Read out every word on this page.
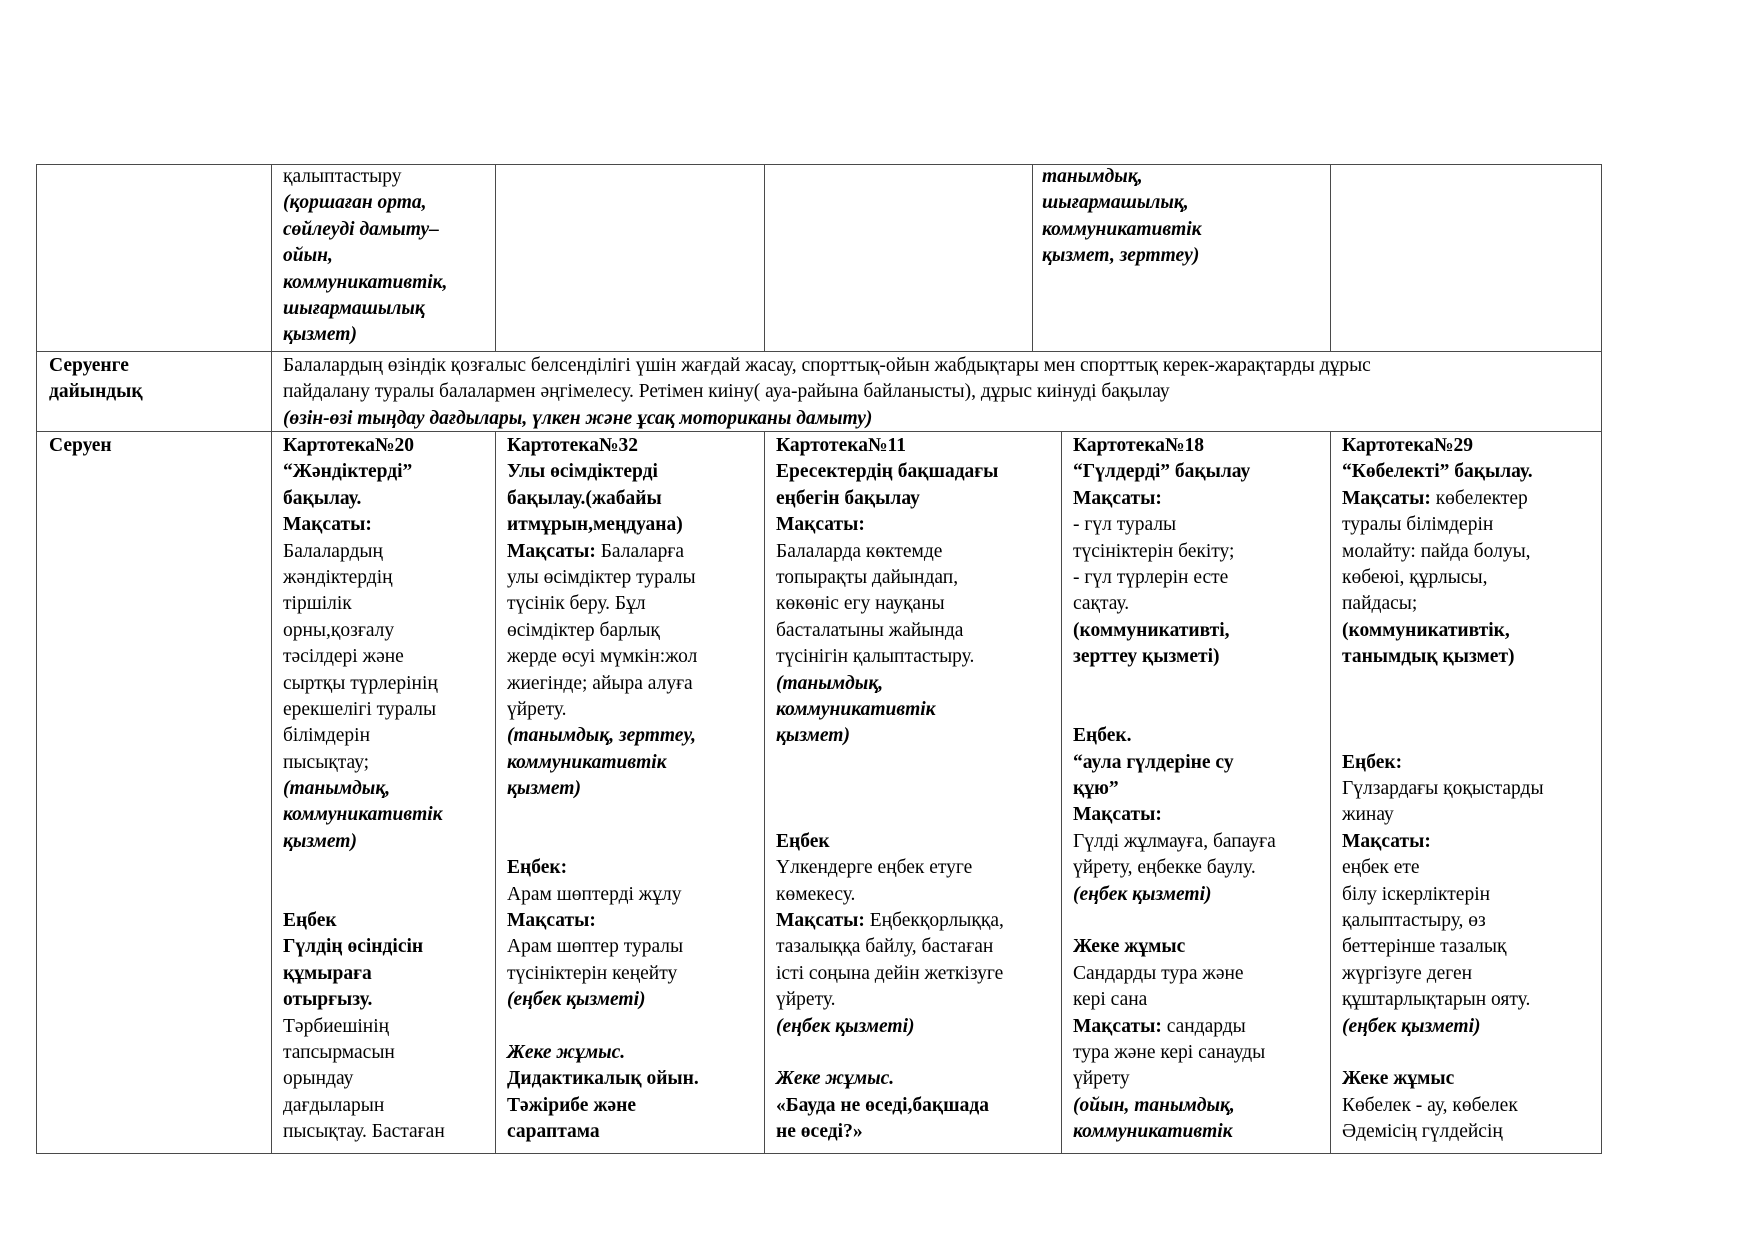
қалыптастыру
(қоршаған орта,
сөйлеуді дамыту–
ойын,
коммуникативтік,
шығармашылық
қызмет)
танымдық,
шығармашылық,
коммуникативтік
қызмет, зерттеу)
Серуенге
дайындық
Балалардың өзіндік қозғалыс белсенділігі үшін жағдай жасау, спорттық-ойын жабдықтары мен спорттық керек-жарақтарды дұрыс
пайдалану туралы балалармен әңгімелесу. Ретімен киіну( ауа-райына байланысты), дұрыс киінуді бақылау
(өзін-өзі тыңдау дағдылары, үлкен және ұсақ моториканы дамыту)
Серуен	Картотека№20
“Жәндіктерді”
бақылау.
Мақсаты:
Балалардың
жәндіктердің
тіршілік
орны,қозғалу
тәсілдері және
сыртқы түрлерінің
ерекшелігі туралы
білімдерін
пысықтау;
(танымдық,
коммуникативтік
қызмет)
Еңбек
Гүлдің өсіндісін
құмыраға
отырғызу.
Тәрбиешінің
тапсырмасын
орындау
дағдыларын
пысықтау. Бастаған
Картотека№32
Улы өсімдіктерді
бақылау.(жабайы
итмұрын,меңдуана)
Мақсаты: Балаларға
улы өсімдіктер туралы
түсінік беру. Бұл
өсімдіктер барлық
жерде өсуі мүмкін:жол
жиегінде; айыра алуға
үйрету.
(танымдық, зерттеу,
коммуникативтік
қызмет)
Еңбек:
Арам шөптерді жұлу
Мақсаты:
Арам шөптер туралы
түсініктерін кеңейту
(еңбек қызметі)
Жеке жұмыс.
Дидактикалық ойын.
Тәжірибе және
сараптама
Картотека№11
Ересектердің бақшадағы
еңбегін бақылау
Мақсаты:
Балаларда көктемде
топырақты дайындап,
көкөніс егу науқаны
басталатыны жайында
түсінігін қалыптастыру.
(танымдық,
коммуникативтік
қызмет)
Еңбек
Үлкендерге еңбек етуге
көмекесу.
Мақсаты: Еңбекқорлыққа,
тазалыққа байлу, бастаған
істі соңына дейін жеткізуге
үйрету.
(еңбек қызметі)
Жеке жұмыс.
«Бауда не өседі,бақшада
не өседі?»
Картотека№18
“Гүлдерді” бақылау
Мақсаты:
- гүл туралы
түсініктерін бекіту;
- гүл түрлерін есте
сақтау.
(коммуникативті,
зерттеу қызметі)
Еңбек.
“аула гүлдеріне су
құю”
Мақсаты:
Гүлді жұлмауға, бапауға
үйрету, еңбекке баулу.
(еңбек қызметі)
Жеке жұмыс
Сандарды тура және
кері сана
Мақсаты: сандарды
тура және кері санауды
үйрету
(ойын, танымдық,
коммуникативтік
Картотека№29
“Көбелекті” бақылау.
Мақсаты: көбелектер
туралы білімдерін
молайту: пайда болуы,
көбеюі, құрлысы,
пайдасы;
(коммуникативтік,
танымдық қызмет)
Еңбек:
Гүлзардағы қоқыстарды
жинау
Мақсаты:
еңбек ете
білу іскерліктерін
қалыптастыру, өз
беттерінше тазалық
жүргізуге деген
құштарлықтарын ояту.
(еңбек қызметі)
Жеке жұмыс
Көбелек - ау, көбелек
Әдемісің гүлдейсің
